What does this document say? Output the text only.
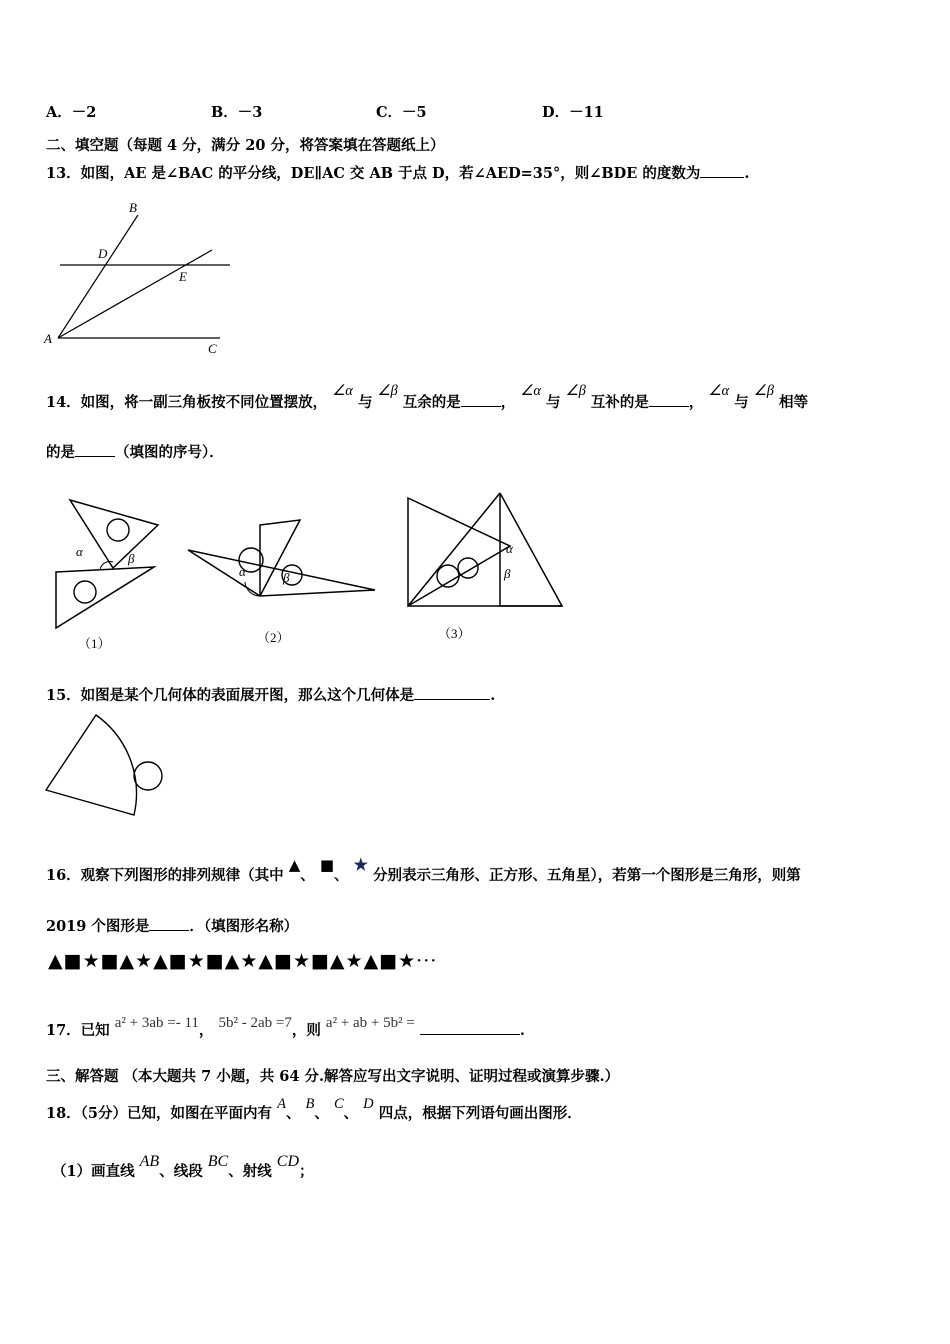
A．－2	B．－3	C．－5	D．－11
二、填空题（每题 4 分，满分 20 分，将答案填在答题纸上）
13．如图，AE 是∠BAC 的平分线，DE∥AC 交 AB 于点 D，若∠AED=35°，则∠BDE 的度数为	.
B
D
E
A
C
14．如图，将一副三角板按不同位置摆放， ∠α 与 ∠β 互余的是	， ∠α 与 ∠β 互补的是	， ∠α 与 ∠β 相等
的是	（填图的序号）．
α	β
（1）
α	β
（2）
α
β
（3）
15．如图是某个几何体的表面展开图，那么这个几何体是	.
16．观察下列图形的排列规律（其中 ▲、 ■、 ★ 分别表示三角形、正方形、五角星），若第一个图形是三角形，则第
2019 个图形是	．（填图形名称）
▲■★■▲★▲■★■▲★▲■★■▲★▲■★···
17．已知 a² + 3ab =- 11， 5b² - 2ab =7，则 a² + ab + 5b² =	.
三、解答题 （本大题共 7 小题，共 64 分.解答应写出文字说明、证明过程或演算步骤.）
18．（5分）已知，如图在平面内有 A、 B、 C、 D 四点，根据下列语句画出图形．
（1）画直线 AB、线段 BC、射线 CD；
